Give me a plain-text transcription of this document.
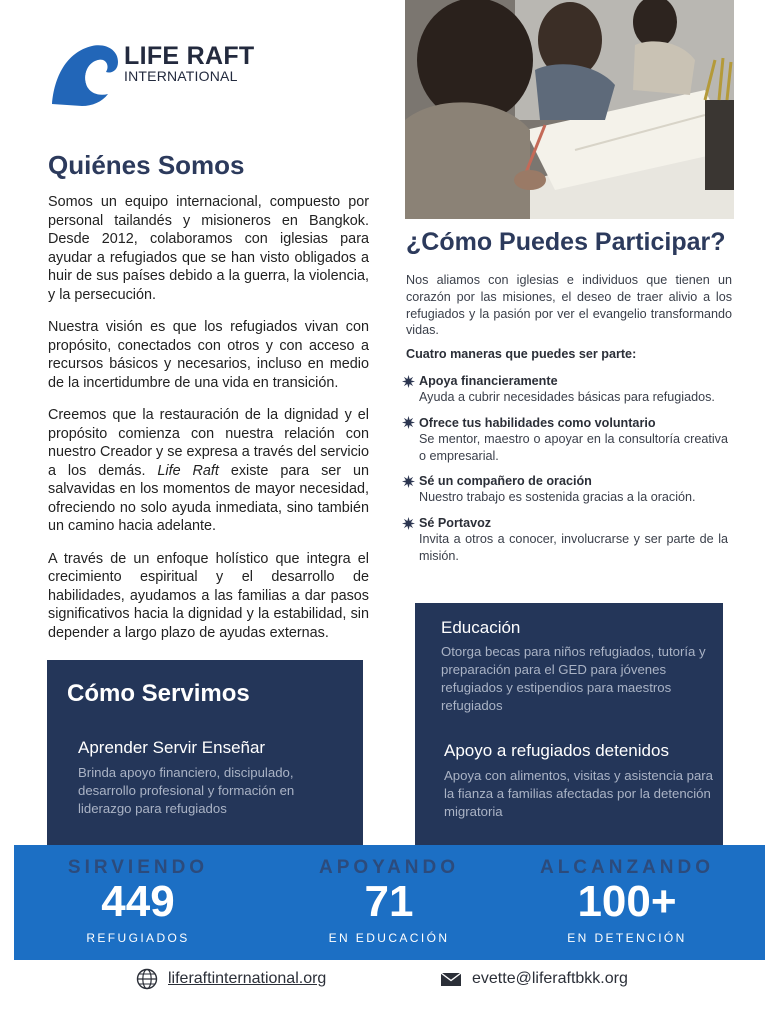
LIFE RAFT
INTERNATIONAL
Quiénes Somos

Somos un equipo internacional, compuesto por personal tailandés y misioneros en Bangkok. Desde 2012, colaboramos con iglesias para ayudar a refugiados que se han visto obligados a huir de sus países debido a la guerra, la violencia, y la persecución.

Nuestra visión es que los refugiados vivan con propósito, conectados con otros y con acceso a recursos básicos y necesarios, incluso en medio de la incertidumbre de una vida en transición.

Creemos que la restauración de la dignidad y el propósito comienza con nuestra relación con nuestro Creador y se expresa a través del servicio a los demás. Life Raft existe para ser un salvavidas en los momentos de mayor necesidad, ofreciendo no solo ayuda inmediata, sino también un camino hacia adelante.

A través de un enfoque holístico que integra el crecimiento espiritual y el desarrollo de habilidades, ayudamos a las familias a dar pasos significativos hacia la dignidad y la estabilidad, sin depender a largo plazo de ayudas externas.

¿Cómo Puedes Participar?
Nos aliamos con iglesias e individuos que tienen un corazón por las misiones, el deseo de traer alivio a los refugiados y la pasión por ver el evangelio transformando vidas.
Cuatro maneras que puedes ser parte:
Apoya financieramente
Ayuda a cubrir necesidades básicas para refugiados.
Ofrece tus habilidades como voluntario
Se mentor, maestro o apoyar en la consultoría creativa o empresarial.
Sé un compañero de oración
Nuestro trabajo es sostenida gracias a la oración.
Sé Portavoz
Invita a otros a conocer, involucrarse y ser parte de la misión.
Cómo Servimos
Aprender Servir Enseñar
Brinda apoyo financiero, discipulado, desarrollo profesional y formación en liderazgo para refugiados
Educación
Otorga becas para niños refugiados, tutoría y preparación para el GED para jóvenes refugiados y estipendios para maestros refugiados
Apoyo a refugiados detenidos
Apoya con alimentos, visitas y asistencia para la fianza a familias afectadas por la detención migratoria
SIRVIENDO
449
REFUGIADOS
APOYANDO
71
EN EDUCACIÓN
ALCANZANDO
100+
EN DETENCIÓN
liferaftinternational.org	evette@liferaftbkk.org
